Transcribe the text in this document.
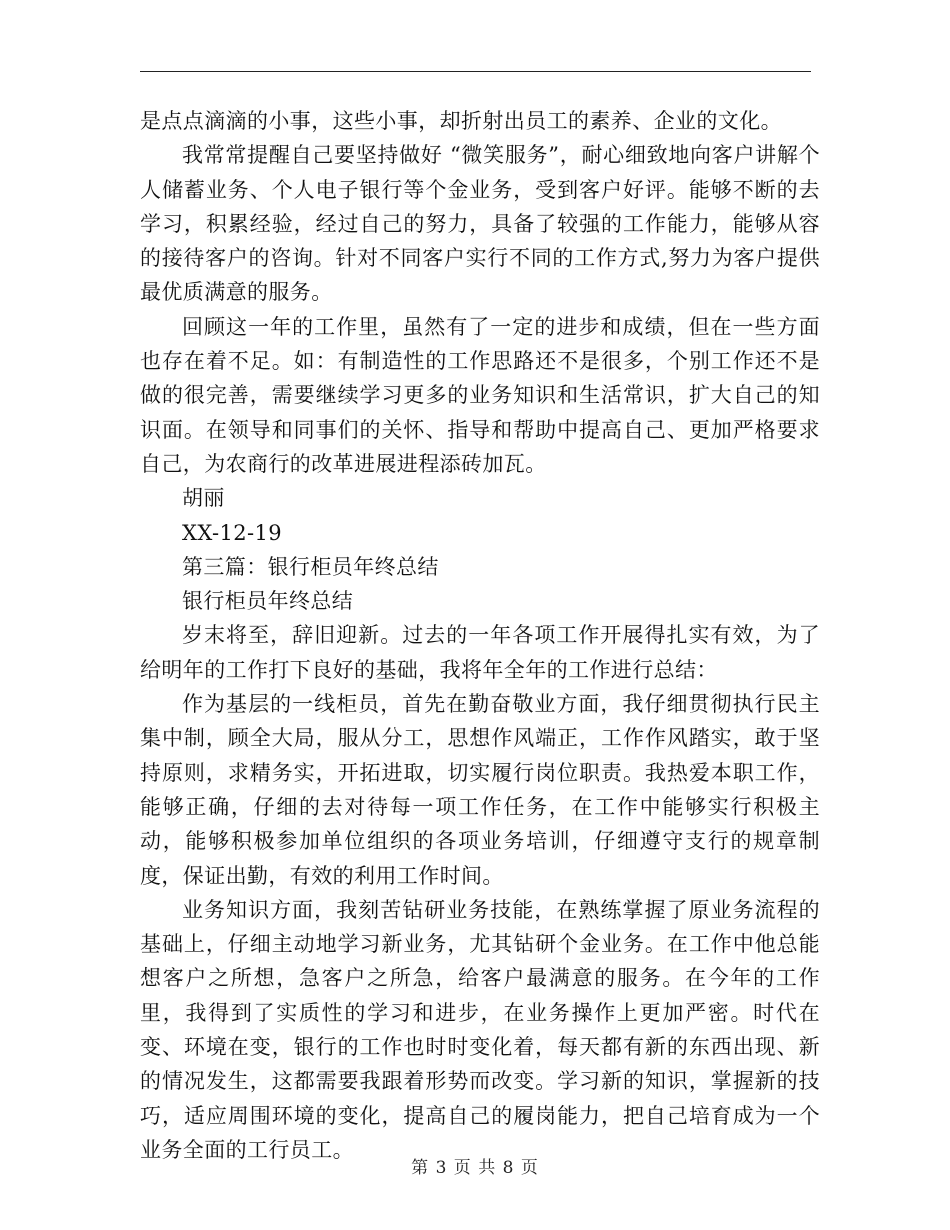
是点点滴滴的小事，这些小事，却折射出员工的素养、企业的文化。

我常常提醒自己要坚持做好 “微笑服务”，耐心细致地向客户讲解个人储蓄业务、个人电子银行等个金业务，受到客户好评。能够不断的去学习，积累经验，经过自己的努力，具备了较强的工作能力，能够从容的接待客户的咨询。针对不同客户实行不同的工作方式,努力为客户提供最优质满意的服务。

回顾这一年的工作里，虽然有了一定的进步和成绩，但在一些方面也存在着不足。如：有制造性的工作思路还不是很多，个别工作还不是做的很完善，需要继续学习更多的业务知识和生活常识，扩大自己的知识面。在领导和同事们的关怀、指导和帮助中提高自己、更加严格要求自己，为农商行的改革进展进程添砖加瓦。

胡丽

XX-12-19

第三篇：银行柜员年终总结

银行柜员年终总结

岁末将至，辞旧迎新。过去的一年各项工作开展得扎实有效，为了给明年的工作打下良好的基础，我将年全年的工作进行总结：

作为基层的一线柜员，首先在勤奋敬业方面，我仔细贯彻执行民主集中制，顾全大局，服从分工，思想作风端正，工作作风踏实，敢于坚持原则，求精务实，开拓进取，切实履行岗位职责。我热爱本职工作，能够正确，仔细的去对待每一项工作任务，在工作中能够实行积极主动，能够积极参加单位组织的各项业务培训，仔细遵守支行的规章制度，保证出勤，有效的利用工作时间。

业务知识方面，我刻苦钻研业务技能，在熟练掌握了原业务流程的基础上，仔细主动地学习新业务，尤其钻研个金业务。在工作中他总能想客户之所想，急客户之所急，给客户最满意的服务。在今年的工作里，我得到了实质性的学习和进步，在业务操作上更加严密。时代在变、环境在变，银行的工作也时时变化着，每天都有新的东西出现、新的情况发生，这都需要我跟着形势而改变。学习新的知识，掌握新的技巧，适应周围环境的变化，提高自己的履岗能力，把自己培育成为一个业务全面的工行员工。

第 3 页 共 8 页
